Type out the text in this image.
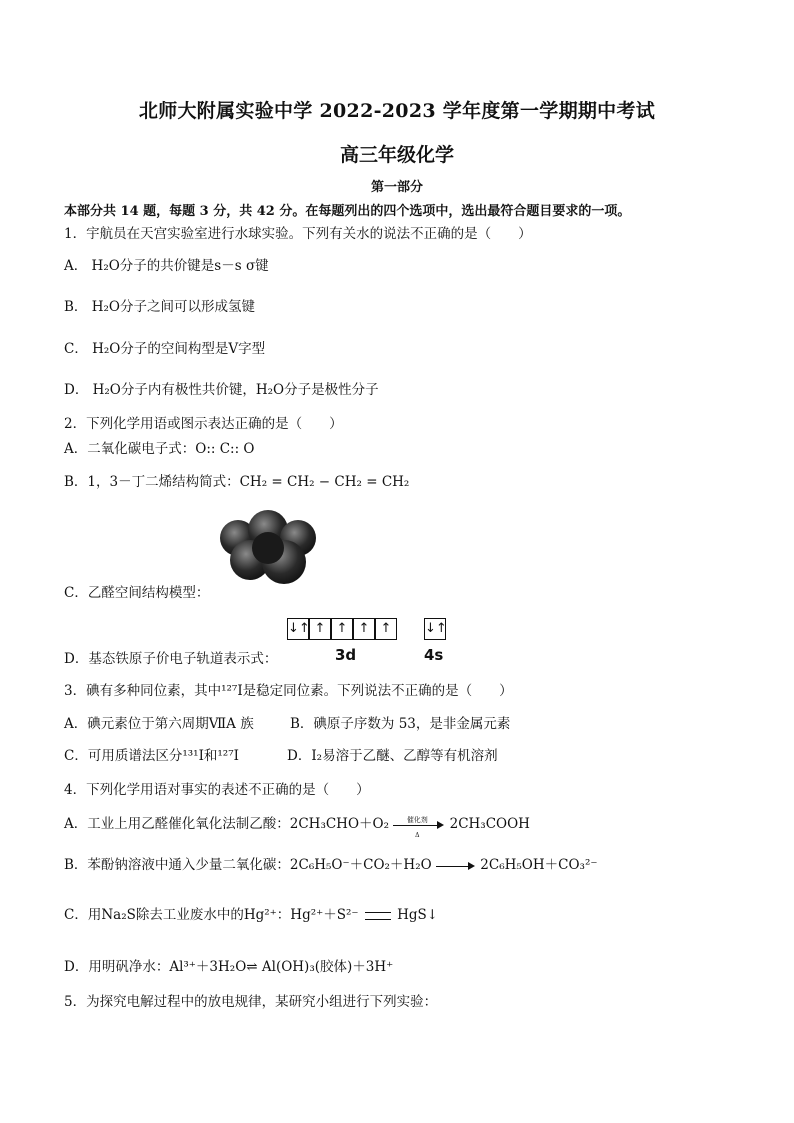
北师大附属实验中学 2022-2023 学年度第一学期期中考试
高三年级化学
第一部分
本部分共 14 题，每题 3 分，共 42 分。在每题列出的四个选项中，选出最符合题目要求的一项。
1．宇航员在天宫实验室进行水球实验。下列有关水的说法不正确的是（　　）
A． H₂O分子的共价键是s－s σ键
B． H₂O分子之间可以形成氢键
C． H₂O分子的空间构型是V字型
D． H₂O分子内有极性共价键，H₂O分子是极性分子
2．下列化学用语或图示表达正确的是（　　）
A．二氧化碳电子式：O:: C:: O
B．1，3－丁二烯结构简式：CH₂ = CH₂ − CH₂ = CH₂
C．乙醛空间结构模型：
↓↑ ↑ ↑ ↑ ↑	↓↑
3d	4s
D．基态铁原子价电子轨道表示式：
3．碘有多种同位素，其中¹²⁷I是稳定同位素。下列说法不正确的是（　　）
A．碘元素位于第六周期ⅦA 族	B．碘原子序数为 53，是非金属元素
C．可用质谱法区分¹³¹I和¹²⁷I	D．I₂易溶于乙醚、乙醇等有机溶剂
4．下列化学用语对事实的表述不正确的是（　　）
A．工业上用乙醛催化氧化法制乙酸：2CH₃CHO＋O₂	催化剂
Δ
2CH₃COOH
B．苯酚钠溶液中通入少量二氧化碳：2C₆H₅O⁻＋CO₂＋H₂O	2C₆H₅OH＋CO₃²⁻
C．用Na₂S除去工业废水中的Hg²⁺：Hg²⁺＋S²⁻	HgS↓
D．用明矾净水：Al³⁺＋3H₂O⇌ Al(OH)₃(胶体)＋3H⁺
5．为探究电解过程中的放电规律，某研究小组进行下列实验：
